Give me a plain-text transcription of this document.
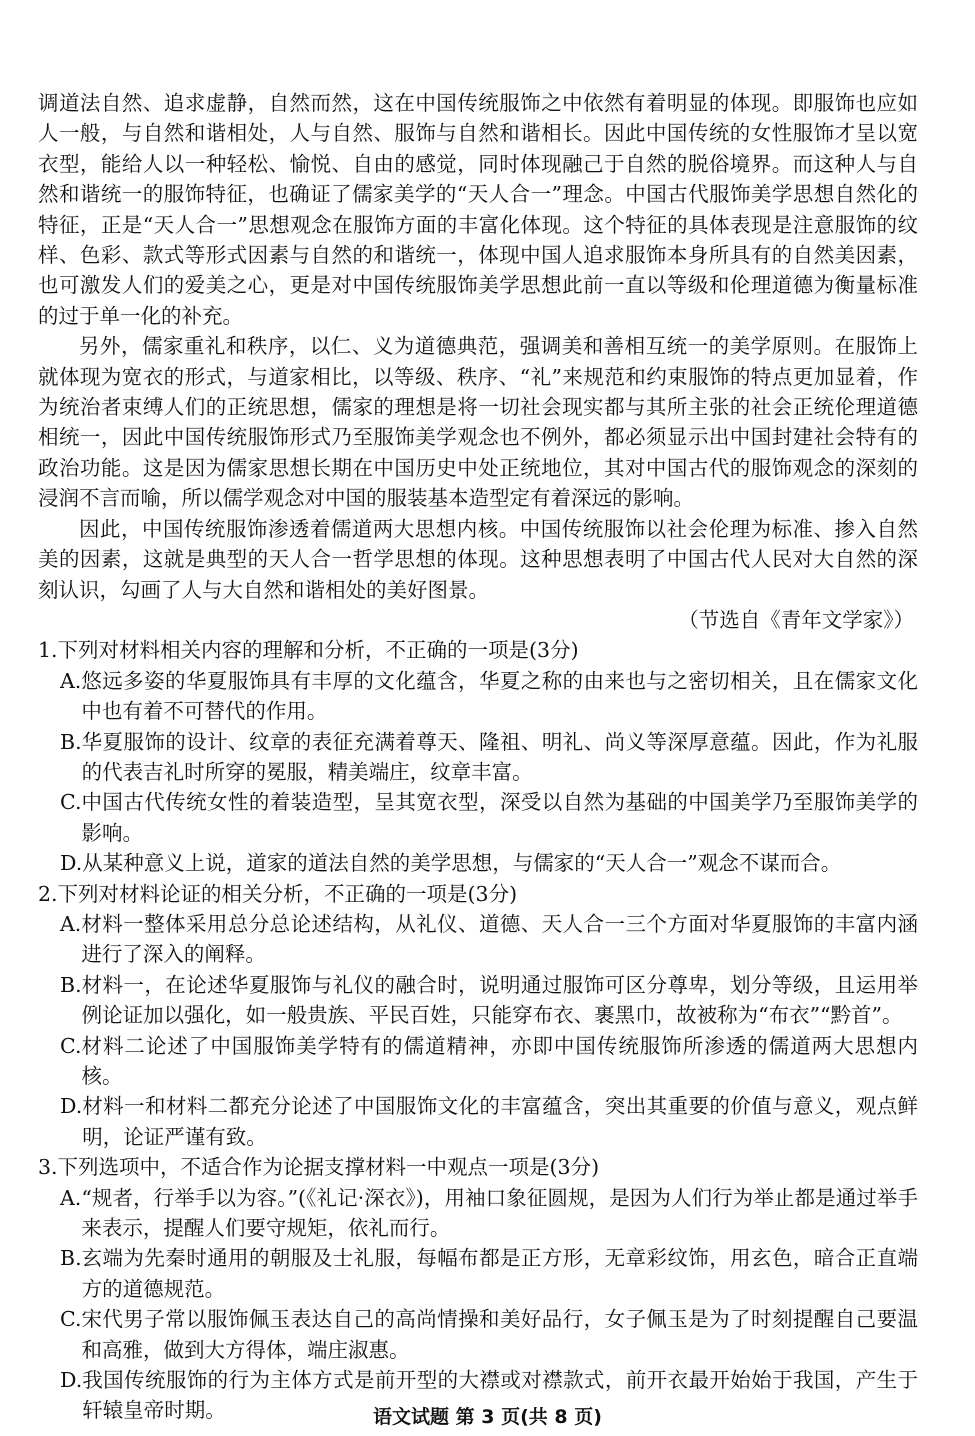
调道法自然、追求虚静，自然而然，这在中国传统服饰之中依然有着明显的体现。即服饰也应如人一般，与自然和谐相处，人与自然、服饰与自然和谐相长。因此中国传统的女性服饰才呈以宽衣型，能给人以一种轻松、愉悦、自由的感觉，同时体现融己于自然的脱俗境界。而这种人与自然和谐统一的服饰特征，也确证了儒家美学的“天人合一”理念。中国古代服饰美学思想自然化的特征，正是“天人合一”思想观念在服饰方面的丰富化体现。这个特征的具体表现是注意服饰的纹样、色彩、款式等形式因素与自然的和谐统一，体现中国人追求服饰本身所具有的自然美因素，也可激发人们的爱美之心，更是对中国传统服饰美学思想此前一直以等级和伦理道德为衡量标准的过于单一化的补充。

另外，儒家重礼和秩序，以仁、义为道德典范，强调美和善相互统一的美学原则。在服饰上就体现为宽衣的形式，与道家相比，以等级、秩序、“礼”来规范和约束服饰的特点更加显着，作为统治者束缚人们的正统思想，儒家的理想是将一切社会现实都与其所主张的社会正统伦理道德相统一，因此中国传统服饰形式乃至服饰美学观念也不例外，都必须显示出中国封建社会特有的政治功能。这是因为儒家思想长期在中国历史中处正统地位，其对中国古代的服饰观念的深刻的浸润不言而喻，所以儒学观念对中国的服装基本造型定有着深远的影响。

因此，中国传统服饰渗透着儒道两大思想内核。中国传统服饰以社会伦理为标准、掺入自然美的因素，这就是典型的天人合一哲学思想的体现。这种思想表明了中国古代人民对大自然的深刻认识，勾画了人与大自然和谐相处的美好图景。

（节选自《青年文学家》）

1.下列对材料相关内容的理解和分析，不正确的一项是(3分)

A. 悠远多姿的华夏服饰具有丰厚的文化蕴含，华夏之称的由来也与之密切相关，且在儒家文化中也有着不可替代的作用。
B. 华夏服饰的设计、纹章的表征充满着尊天、隆祖、明礼、尚义等深厚意蕴。因此，作为礼服的代表吉礼时所穿的冕服，精美端庄，纹章丰富。
C. 中国古代传统女性的着装造型，呈其宽衣型，深受以自然为基础的中国美学乃至服饰美学的影响。
D. 从某种意义上说，道家的道法自然的美学思想，与儒家的“天人合一”观念不谋而合。

2.下列对材料论证的相关分析，不正确的一项是(3分)

A. 材料一整体采用总分总论述结构，从礼仪、道德、天人合一三个方面对华夏服饰的丰富内涵进行了深入的阐释。
B. 材料一，在论述华夏服饰与礼仪的融合时，说明通过服饰可区分尊卑，划分等级，且运用举例论证加以强化，如一般贵族、平民百姓，只能穿布衣、裹黑巾，故被称为“布衣”“黔首”。
C. 材料二论述了中国服饰美学特有的儒道精神，亦即中国传统服饰所渗透的儒道两大思想内核。
D. 材料一和材料二都充分论述了中国服饰文化的丰富蕴含，突出其重要的价值与意义，观点鲜明，论证严谨有致。

3.下列选项中，不适合作为论据支撑材料一中观点一项是(3分)

A. “规者，行举手以为容。”(《礼记·深衣》)，用袖口象征圆规，是因为人们行为举止都是通过举手来表示，提醒人们要守规矩，依礼而行。
B. 玄端为先秦时通用的朝服及士礼服，每幅布都是正方形，无章彩纹饰，用玄色，暗合正直端方的道德规范。
C. 宋代男子常以服饰佩玉表达自己的高尚情操和美好品行，女子佩玉是为了时刻提醒自己要温和高雅，做到大方得体，端庄淑惠。
D. 我国传统服饰的行为主体方式是前开型的大襟或对襟款式，前开衣最开始始于我国，产生于轩辕皇帝时期。	语文试题 第 3 页(共 8 页)
